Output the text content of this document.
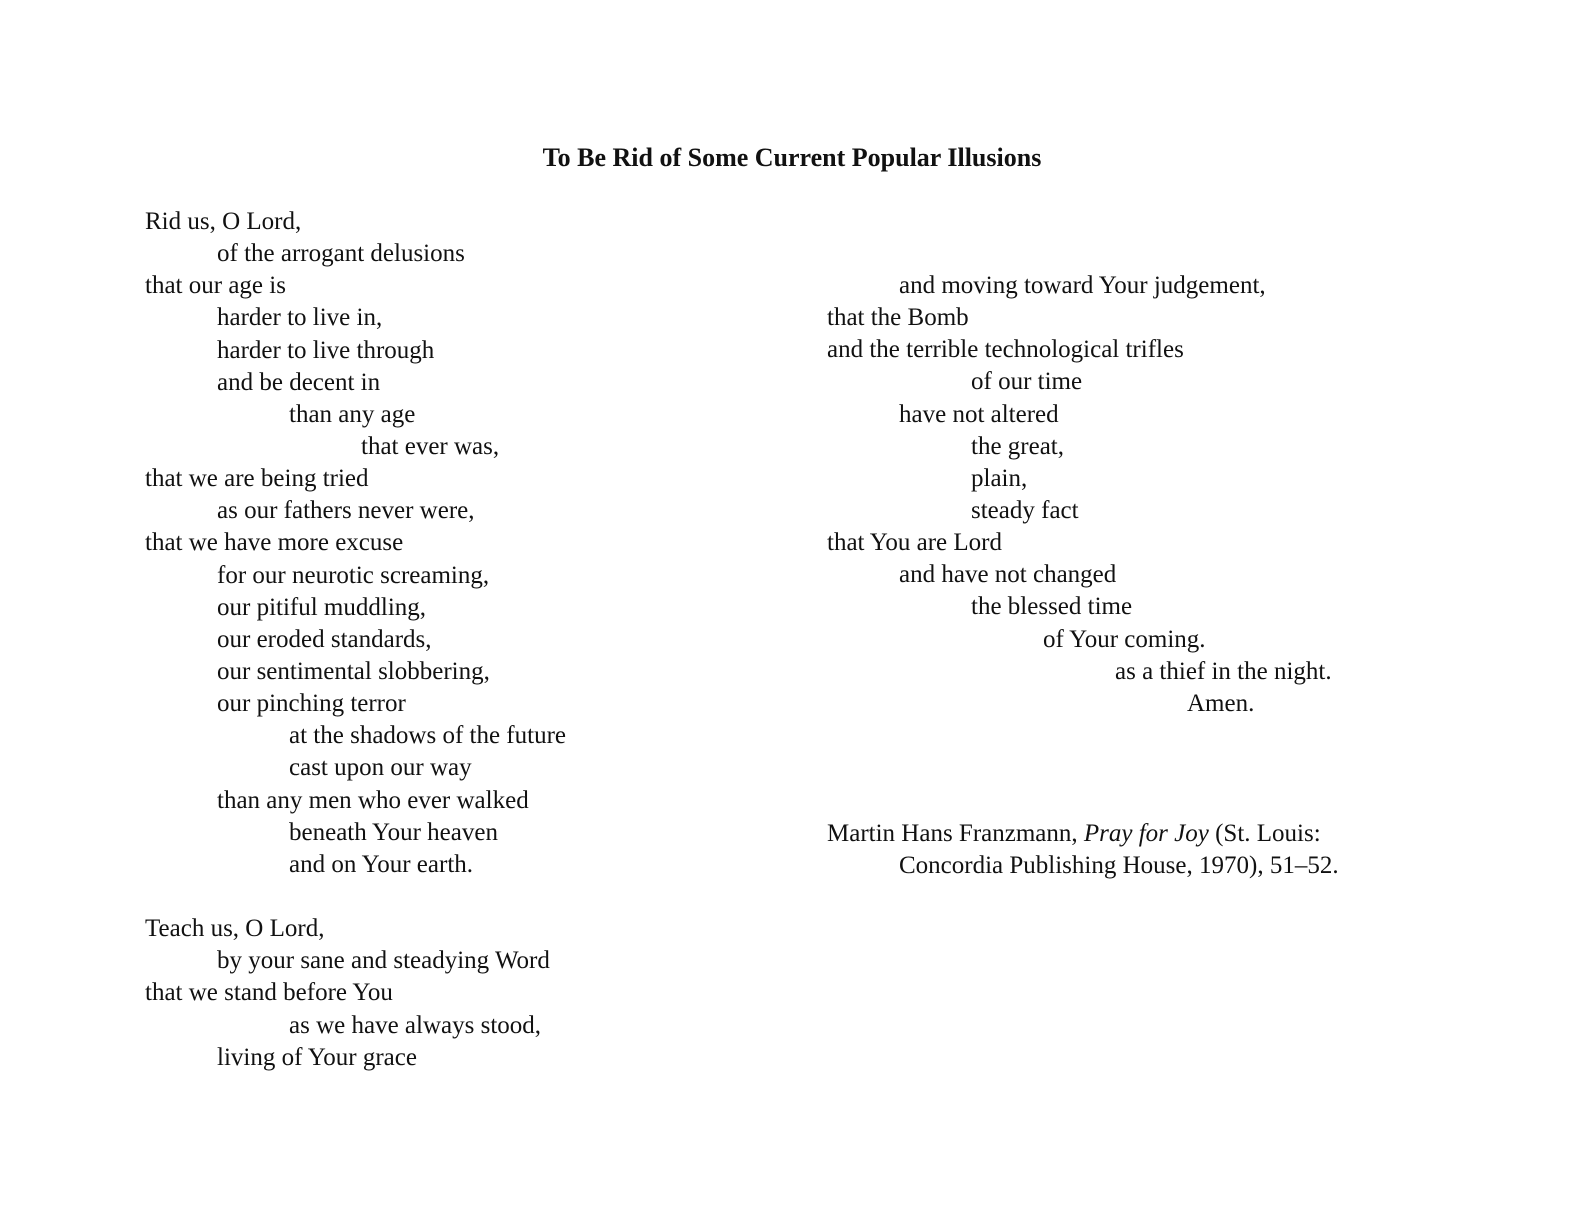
To Be Rid of Some Current Popular Illusions
Rid us, O Lord,
of the arrogant delusions
that our age is
harder to live in,
harder to live through
and be decent in
than any age
that ever was,
that we are being tried
as our fathers never were,
that we have more excuse
for our neurotic screaming,
our pitiful muddling,
our eroded standards,
our sentimental slobbering,
our pinching terror
at the shadows of the future
cast upon our way
than any men who ever walked
beneath Your heaven
and on Your earth.
Teach us, O Lord,
by your sane and steadying Word
that we stand before You
as we have always stood,
living of Your grace
and moving toward Your judgement,
that the Bomb
and the terrible technological trifles
of our time
have not altered
the great,
plain,
steady fact
that You are Lord
and have not changed
the blessed time
of Your coming.
as a thief in the night.
Amen.
Martin Hans Franzmann, Pray for Joy (St. Louis:
Concordia Publishing House, 1970), 51–52.
